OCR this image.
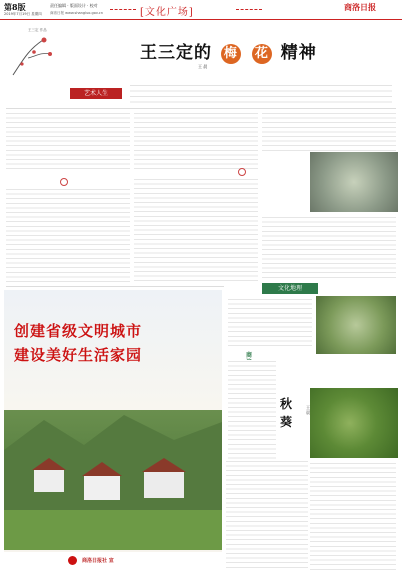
第8版
2019年7月19日 星期四
责任编辑 · 版面设计 · 校对
商洛日报 www.shangluo.gov.cn	[文化广场]	商洛日报
王三定 作品
王三定的 梅 花 精神
王 晨
艺术人生
创建省级文明城市
建设美好生活家园
商洛日报社 宣
文化地理
商
秋葵
王 晨
